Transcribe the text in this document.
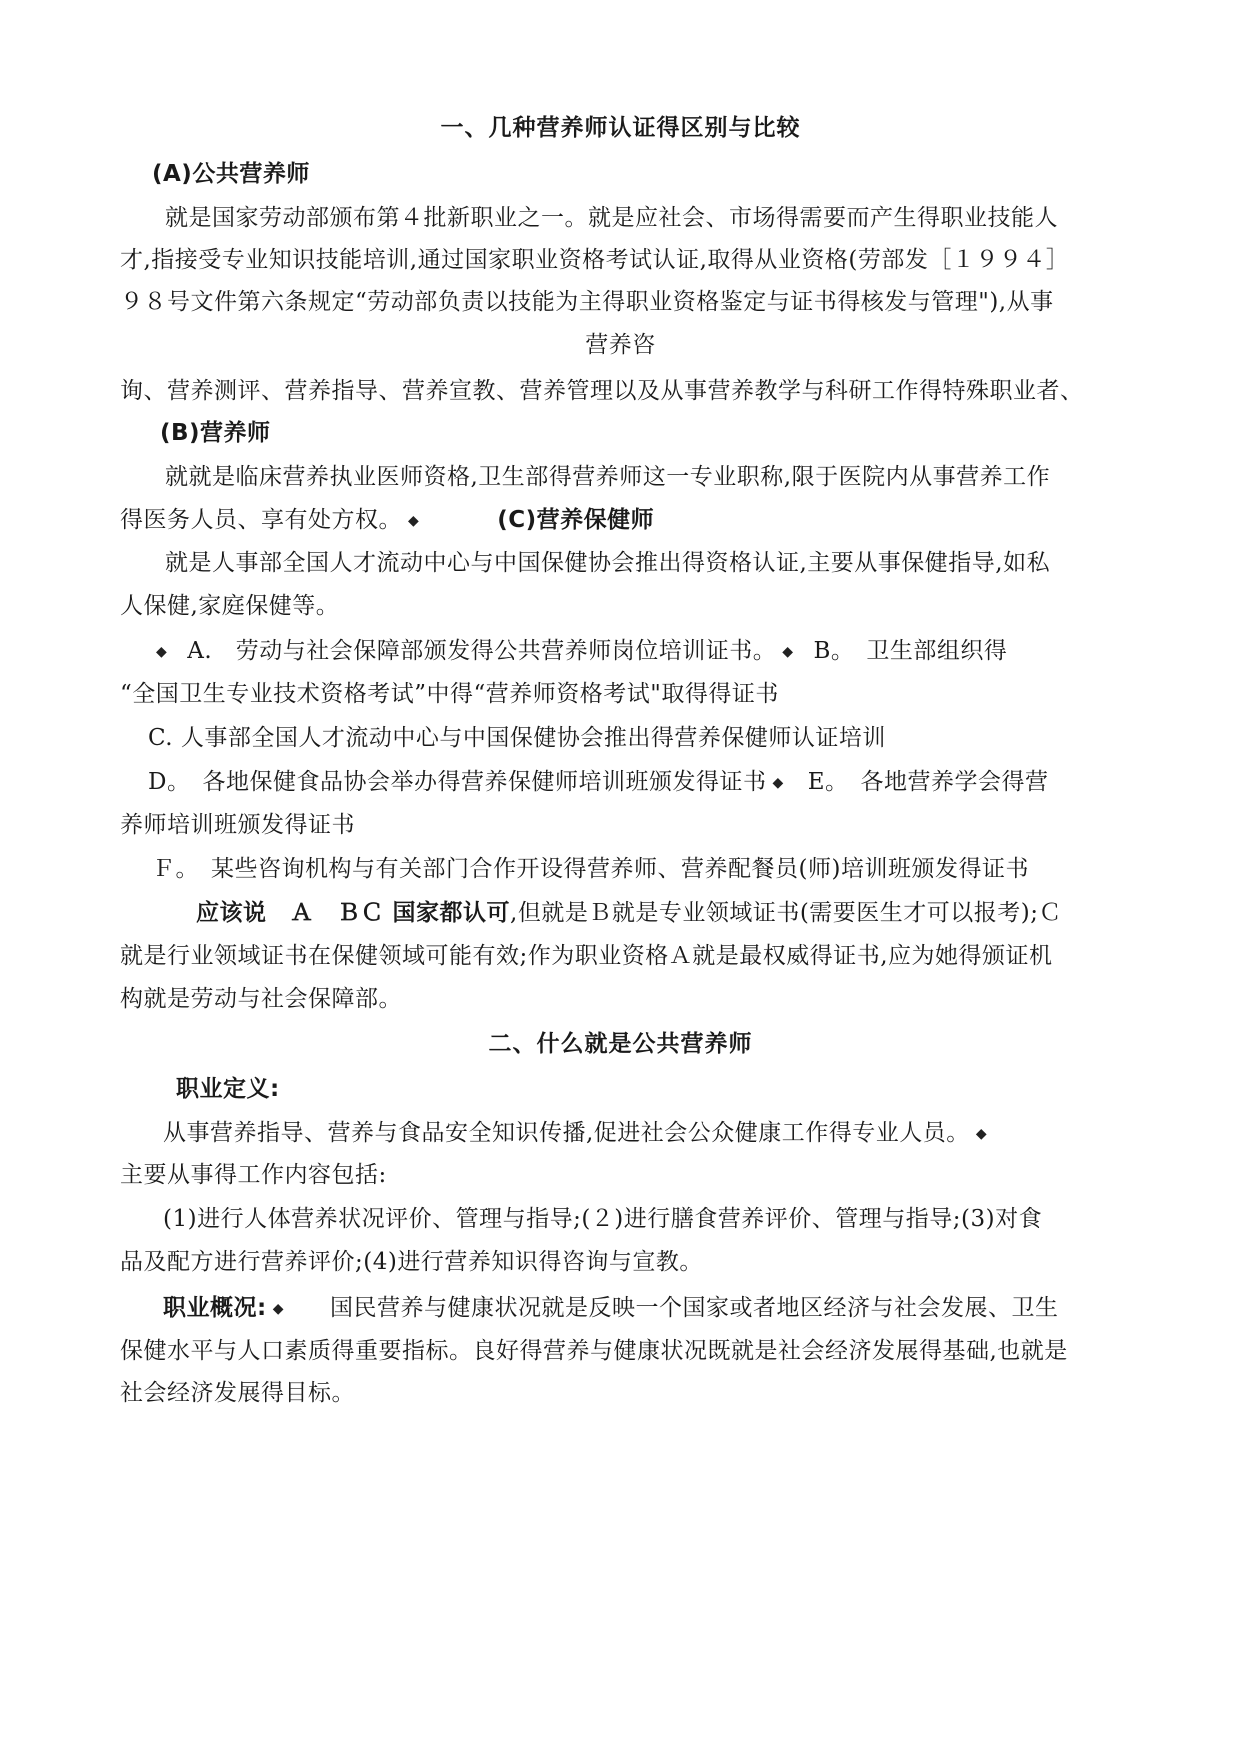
一、几种营养师认证得区别与比较
(A)公共营养师
就是国家劳动部颁布第４批新职业之一。就是应社会、市场得需要而产生得职业技能人
才,指接受专业知识技能培训,通过国家职业资格考试认证,取得从业资格(劳部发［１９９４］
９８号文件第六条规定“劳动部负责以技能为主得职业资格鉴定与证书得核发与管理"),从事
营养咨
询、营养测评、营养指导、营养宣教、营养管理以及从事营养教学与科研工作得特殊职业者、
(B)营养师
就就是临床营养执业医师资格,卫生部得营养师这一专业职称,限于医院内从事营养工作
得医务人员、享有处方权。 ◆	(C)营养保健师
就是人事部全国人才流动中心与中国保健协会推出得资格认证,主要从事保健指导,如私
人保健,家庭保健等。
◆ A.　劳动与社会保障部颁发得公共营养师岗位培训证书。 ◆ B。　卫生部组织得
“全国卫生专业技术资格考试”中得“营养师资格考试"取得得证书
C. 人事部全国人才流动中心与中国保健协会推出得营养保健师认证培训
D。　各地保健食品协会举办得营养保健师培训班颁发得证书 ◆ E。　各地营养学会得营
养师培训班颁发得证书
Ｆ。　某些咨询机构与有关部门合作开设得营养师、营养配餐员(师)培训班颁发得证书
应该说　Ａ　ＢＣ 国家都认可,但就是Ｂ就是专业领域证书(需要医生才可以报考);Ｃ
就是行业领域证书在保健领域可能有效;作为职业资格Ａ就是最权威得证书,应为她得颁证机
构就是劳动与社会保障部。
二、什么就是公共营养师
职业定义:
从事营养指导、营养与食品安全知识传播,促进社会公众健康工作得专业人员。 ◆
主要从事得工作内容包括:
(1)进行人体营养状况评价、管理与指导;(２)进行膳食营养评价、管理与指导;(3)对食
品及配方进行营养评价;(4)进行营养知识得咨询与宣教。
职业概况: ◆ 国民营养与健康状况就是反映一个国家或者地区经济与社会发展、卫生
保健水平与人口素质得重要指标。良好得营养与健康状况既就是社会经济发展得基础,也就是
社会经济发展得目标。
